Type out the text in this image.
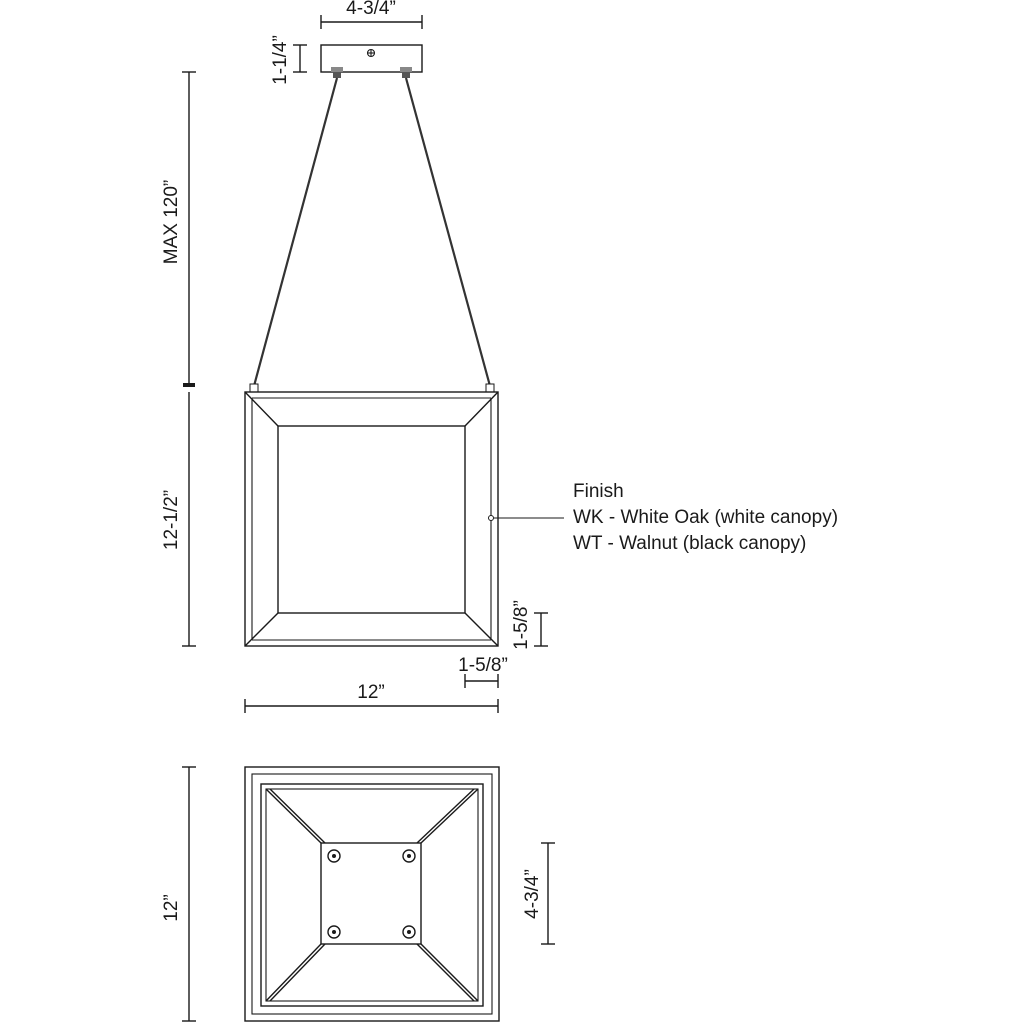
4-3/4”
1-1/4”
MAX 120”
Finish
WK - White Oak (white canopy)
WT - Walnut (black canopy)
12-1/2”
1-5/8”
1-5/8”
12”
12”	4-3/4”
